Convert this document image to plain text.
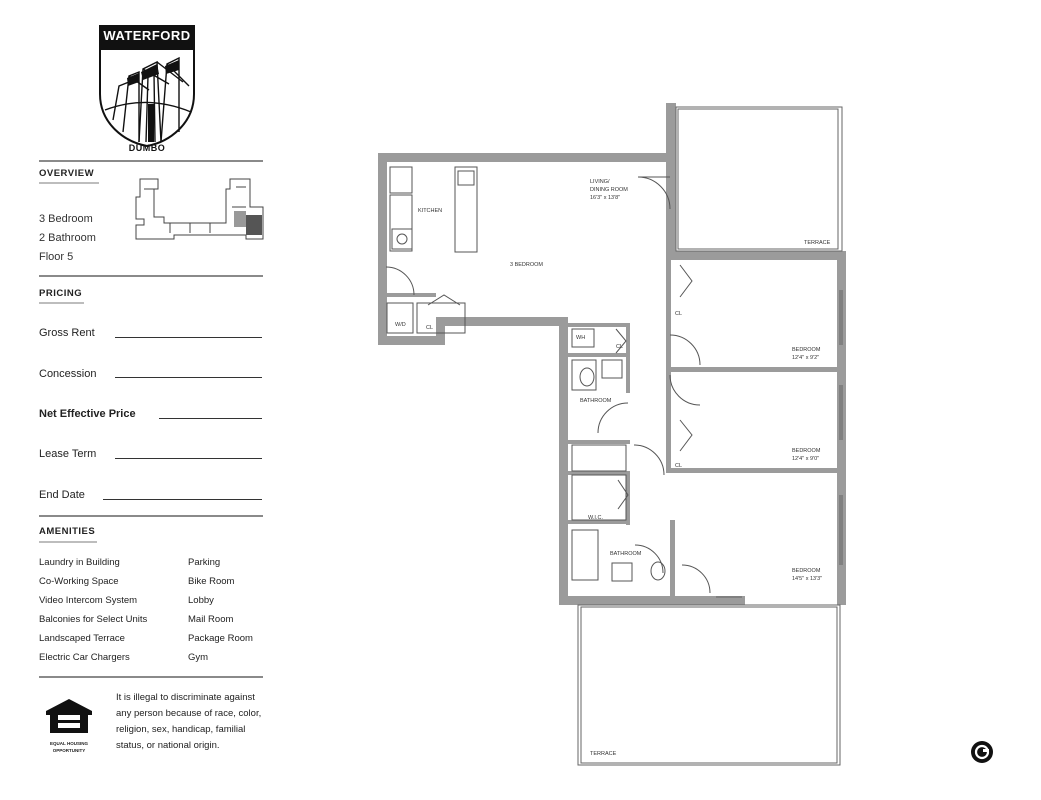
WATERFORD
DUMBO
OVERVIEW
3 Bedroom
2 Bathroom
Floor 5
PRICING
Gross Rent
Concession
Net Effective Price
Lease Term
End Date
AMENITIES
Laundry in Building
Co-Working Space
Video Intercom System
Balconies for Select Units
Landscaped Terrace
Electric Car Chargers
Parking
Bike Room
Lobby
Mail Room
Package Room
Gym
EQUAL HOUSING
OPPORTUNITY
It is illegal to discriminate against any person because of race, color, religion, sex, handicap, familial status, or national origin.
KITCHEN
LIVING/
DINING ROOM
16'3" x 13'8"
3 BEDROOM
W/D	CL
WH
CL
BATHROOM
W.I.C.
BATHROOM
TERRACE
TERRACE
CL
CL
BEDROOM
12'4" x 9'2"
BEDROOM
12'4" x 9'0"
BEDROOM
14'5" x 13'3"
